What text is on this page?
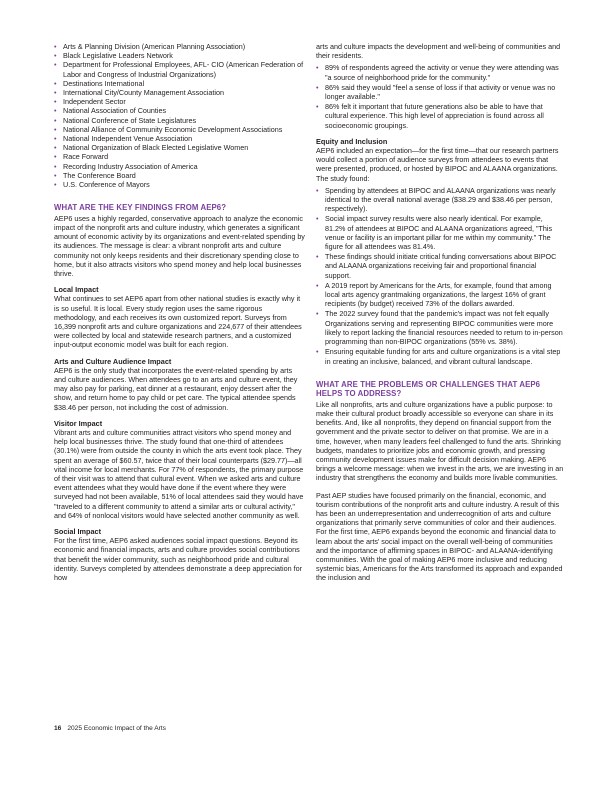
• Arts & Planning Division (American Planning Association)
• Black Legislative Leaders Network
• Department for Professional Employees, AFL- CIO (American Federation of Labor and Congress of Industrial Organizations)
• Destinations International
• International City/County Management Association
• Independent Sector
• National Association of Counties
• National Conference of State Legislatures
• National Alliance of Community Economic Development Associations
• National Independent Venue Association
• National Organization of Black Elected Legislative Women
• Race Forward
• Recording Industry Association of America
• The Conference Board
• U.S. Conference of Mayors
WHAT ARE THE KEY FINDINGS FROM AEP6?

AEP6 uses a highly regarded, conservative approach to analyze the economic impact of the nonprofit arts and culture industry, which generates a significant amount of economic activity by its organizations and event-related spending by its audiences. The message is clear: a vibrant nonprofit arts and culture community not only keeps residents and their discretionary spending close to home, but it also attracts visitors who spend money and help local businesses thrive.

Local Impact

What continues to set AEP6 apart from other national studies is exactly why it is so useful. It is local. Every study region uses the same rigorous methodology, and each receives its own customized report. Surveys from 16,399 nonprofit arts and culture organizations and 224,677 of their attendees were collected by local and statewide research partners, and a customized input-output economic model was built for each region.

Arts and Culture Audience Impact

AEP6 is the only study that incorporates the event-related spending by arts and culture audiences. When attendees go to an arts and culture event, they may also pay for parking, eat dinner at a restaurant, enjoy dessert after the show, and return home to pay child or pet care. The typical attendee spends $38.46 per person, not including the cost of admission.

Visitor Impact

Vibrant arts and culture communities attract visitors who spend money and help local businesses thrive. The study found that one-third of attendees (30.1%) were from outside the county in which the arts event took place. They spent an average of $60.57, twice that of their local counterparts ($29.77)—all vital income for local merchants. For 77% of respondents, the primary purpose of their visit was to attend that cultural event. When we asked arts and culture event attendees what they would have done if the event where they were surveyed had not been available, 51% of local attendees said they would have "traveled to a different community to attend a similar arts or cultural activity," and 64% of nonlocal visitors would have selected another community as well.

Social Impact

For the first time, AEP6 asked audiences social impact questions. Beyond its economic and financial impacts, arts and culture provides social contributions that benefit the wider community, such as neighborhood pride and cultural identity. Surveys completed by attendees demonstrate a deep appreciation for how

arts and culture impacts the development and well-being of communities and their residents.

• 89% of respondents agreed the activity or venue they were attending was "a source of neighborhood pride for the community."
• 86% said they would "feel a sense of loss if that activity or venue was no longer available."
• 86% felt it important that future generations also be able to have that cultural experience. This high level of appreciation is found across all socioeconomic groupings.
Equity and Inclusion

AEP6 included an expectation—for the first time—that our research partners would collect a portion of audience surveys from attendees to events that were presented, produced, or hosted by BIPOC and ALAANA organizations. The study found:

• Spending by attendees at BIPOC and ALAANA organizations was nearly identical to the overall national average ($38.29 and $38.46 per person, respectively).
• Social impact survey results were also nearly identical. For example, 81.2% of attendees at BIPOC and ALAANA organizations agreed, "This venue or facility is an important pillar for me within my community." The figure for all attendees was 81.4%.
• These findings should initiate critical funding conversations about BIPOC and ALAANA organizations receiving fair and proportional financial support.
• A 2019 report by Americans for the Arts, for example, found that among local arts agency grantmaking organizations, the largest 16% of grant recipients (by budget) received 73% of the dollars awarded.
• The 2022 survey found that the pandemic's impact was not felt equally Organizations serving and representing BIPOC communities were more likely to report lacking the financial resources needed to return to in-person programming than non-BIPOC organizations (55% vs. 38%).
• Ensuring equitable funding for arts and culture organizations is a vital step in creating an inclusive, balanced, and vibrant cultural landscape.
WHAT ARE THE PROBLEMS OR CHALLENGES THAT AEP6 HELPS TO ADDRESS?

Like all nonprofits, arts and culture organizations have a public purpose: to make their cultural product broadly accessible so everyone can share in its benefits. And, like all nonprofits, they depend on financial support from the government and the private sector to deliver on that promise. We are in a time, however, when many leaders feel challenged to fund the arts. Shrinking budgets, mandates to prioritize jobs and economic growth, and pressing community development issues make for difficult decision making. AEP6 brings a welcome message: when we invest in the arts, we are investing in an industry that strengthens the economy and builds more livable communities.

Past AEP studies have focused primarily on the financial, economic, and tourism contributions of the nonprofit arts and culture industry. A result of this has been an underrepresentation and underrecognition of arts and culture organizations that primarily serve communities of color and their audiences. For the first time, AEP6 expands beyond the economic and financial data to learn about the arts' social impact on the overall well-being of communities and the importance of affirming spaces in BIPOC- and ALAANA-identifying communities. With the goal of making AEP6 more inclusive and reducing systemic bias, Americans for the Arts transformed its approach and expanded the inclusion and

16 2025 Economic Impact of the Arts
